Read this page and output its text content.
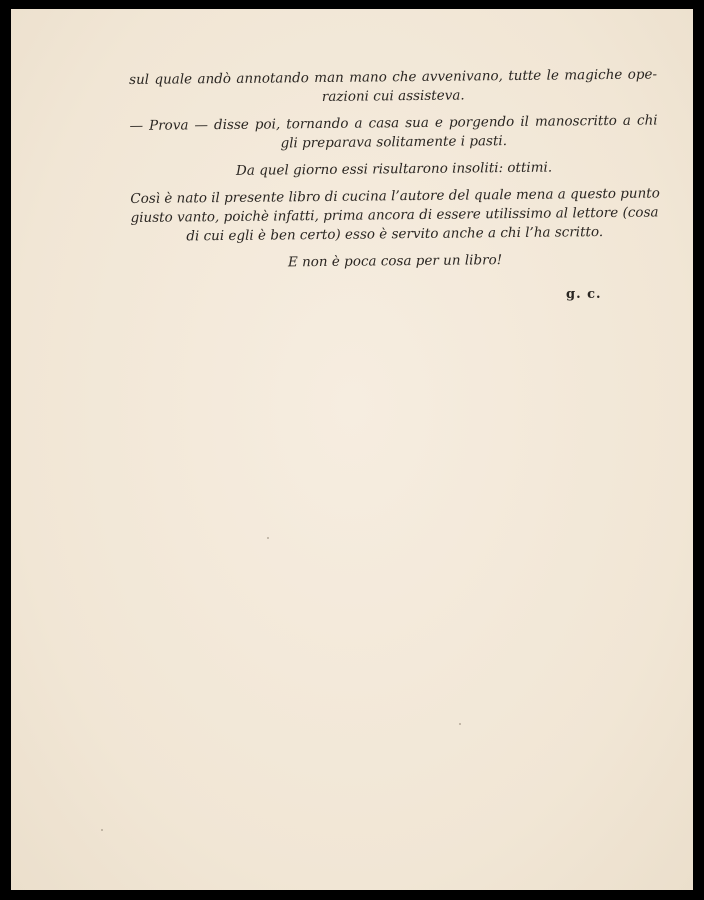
sul quale andò annotando man mano che avvenivano, tutte le magiche ope-
razioni cui assisteva.

— Prova — disse poi, tornando a casa sua e porgendo il manoscritto a chi
gli preparava solitamente i pasti.

Da quel giorno essi risultarono insoliti: ottimi.

Così è nato il presente libro di cucina l’autore del quale mena a questo punto
giusto vanto, poichè infatti, prima ancora di essere utilissimo al lettore (cosa
di cui egli è ben certo) esso è servito anche a chi l’ha scritto.

E non è poca cosa per un libro!

g. c.
